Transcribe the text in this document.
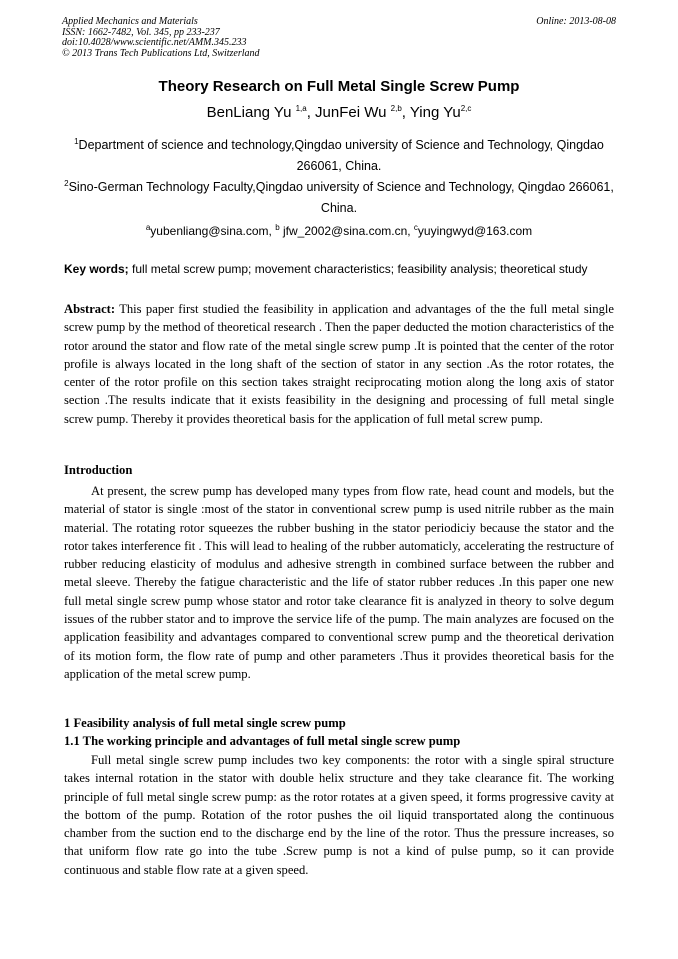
Applied Mechanics and Materials
ISSN: 1662-7482, Vol. 345, pp 233-237
doi:10.4028/www.scientific.net/AMM.345.233
© 2013 Trans Tech Publications Ltd, Switzerland
Online: 2013-08-08
Theory Research on Full Metal Single Screw Pump
BenLiang Yu $^{1,a}$, JunFei Wu $^{2,b}$, Ying Yu$^{2,c}$
$^1$Department of science and technology,Qingdao university of Science and Technology, Qingdao 266061, China.
$^2$Sino-German Technology Faculty,Qingdao university of Science and Technology, Qingdao 266061, China.
$^a$yubenliang@sina.com, $^b$ jfw_2002@sina.com.cn, $^c$yuyingwyd@163.com
Key words; full metal screw pump; movement characteristics; feasibility analysis; theoretical study
Abstract: This paper first studied the feasibility in application and advantages of the the full metal single screw pump by the method of theoretical research . Then the paper deducted the motion characteristics of the rotor around the stator and flow rate of the metal single screw pump .It is pointed that the center of the rotor profile is always located in the long shaft of the section of stator in any section .As the rotor rotates, the center of the rotor profile on this section takes straight reciprocating motion along the long axis of stator section .The results indicate that it exists feasibility in the designing and processing of full metal single screw pump. Thereby it provides theoretical basis for the application of full metal screw pump.
Introduction
At present, the screw pump has developed many types from flow rate, head count and models, but the material of stator is single :most of the stator in conventional screw pump is used nitrile rubber as the main material. The rotating rotor squeezes the rubber bushing in the stator periodiciy because the stator and the rotor takes interference fit . This will lead to healing of the rubber automaticly, accelerating the restructure of rubber reducing elasticity of modulus and adhesive strength in combined surface between the rubber and metal sleeve. Thereby the fatigue characteristic and the life of stator rubber reduces .In this paper one new full metal single screw pump whose stator and rotor take clearance fit is analyzed in theory to solve degum issues of the rubber stator and to improve the service life of the pump. The main analyzes are focused on the application feasibility and advantages compared to conventional screw pump and the theoretical derivation of its motion form, the flow rate of pump and other parameters .Thus it provides theoretical basis for the application of the metal screw pump.
1 Feasibility analysis of full metal single screw pump
1.1 The working principle and advantages of full metal single screw pump
Full metal single screw pump includes two key components: the rotor with a single spiral structure takes internal rotation in the stator with double helix structure and they take clearance fit. The working principle of full metal single screw pump: as the rotor rotates at a given speed, it forms progressive cavity at the bottom of the pump. Rotation of the rotor pushes the oil liquid transportated along the continuous chamber from the suction end to the discharge end by the line of the rotor. Thus the pressure increases, so that uniform flow rate go into the tube .Screw pump is not a kind of pulse pump, so it can provide continuous and stable flow rate at a given speed.
